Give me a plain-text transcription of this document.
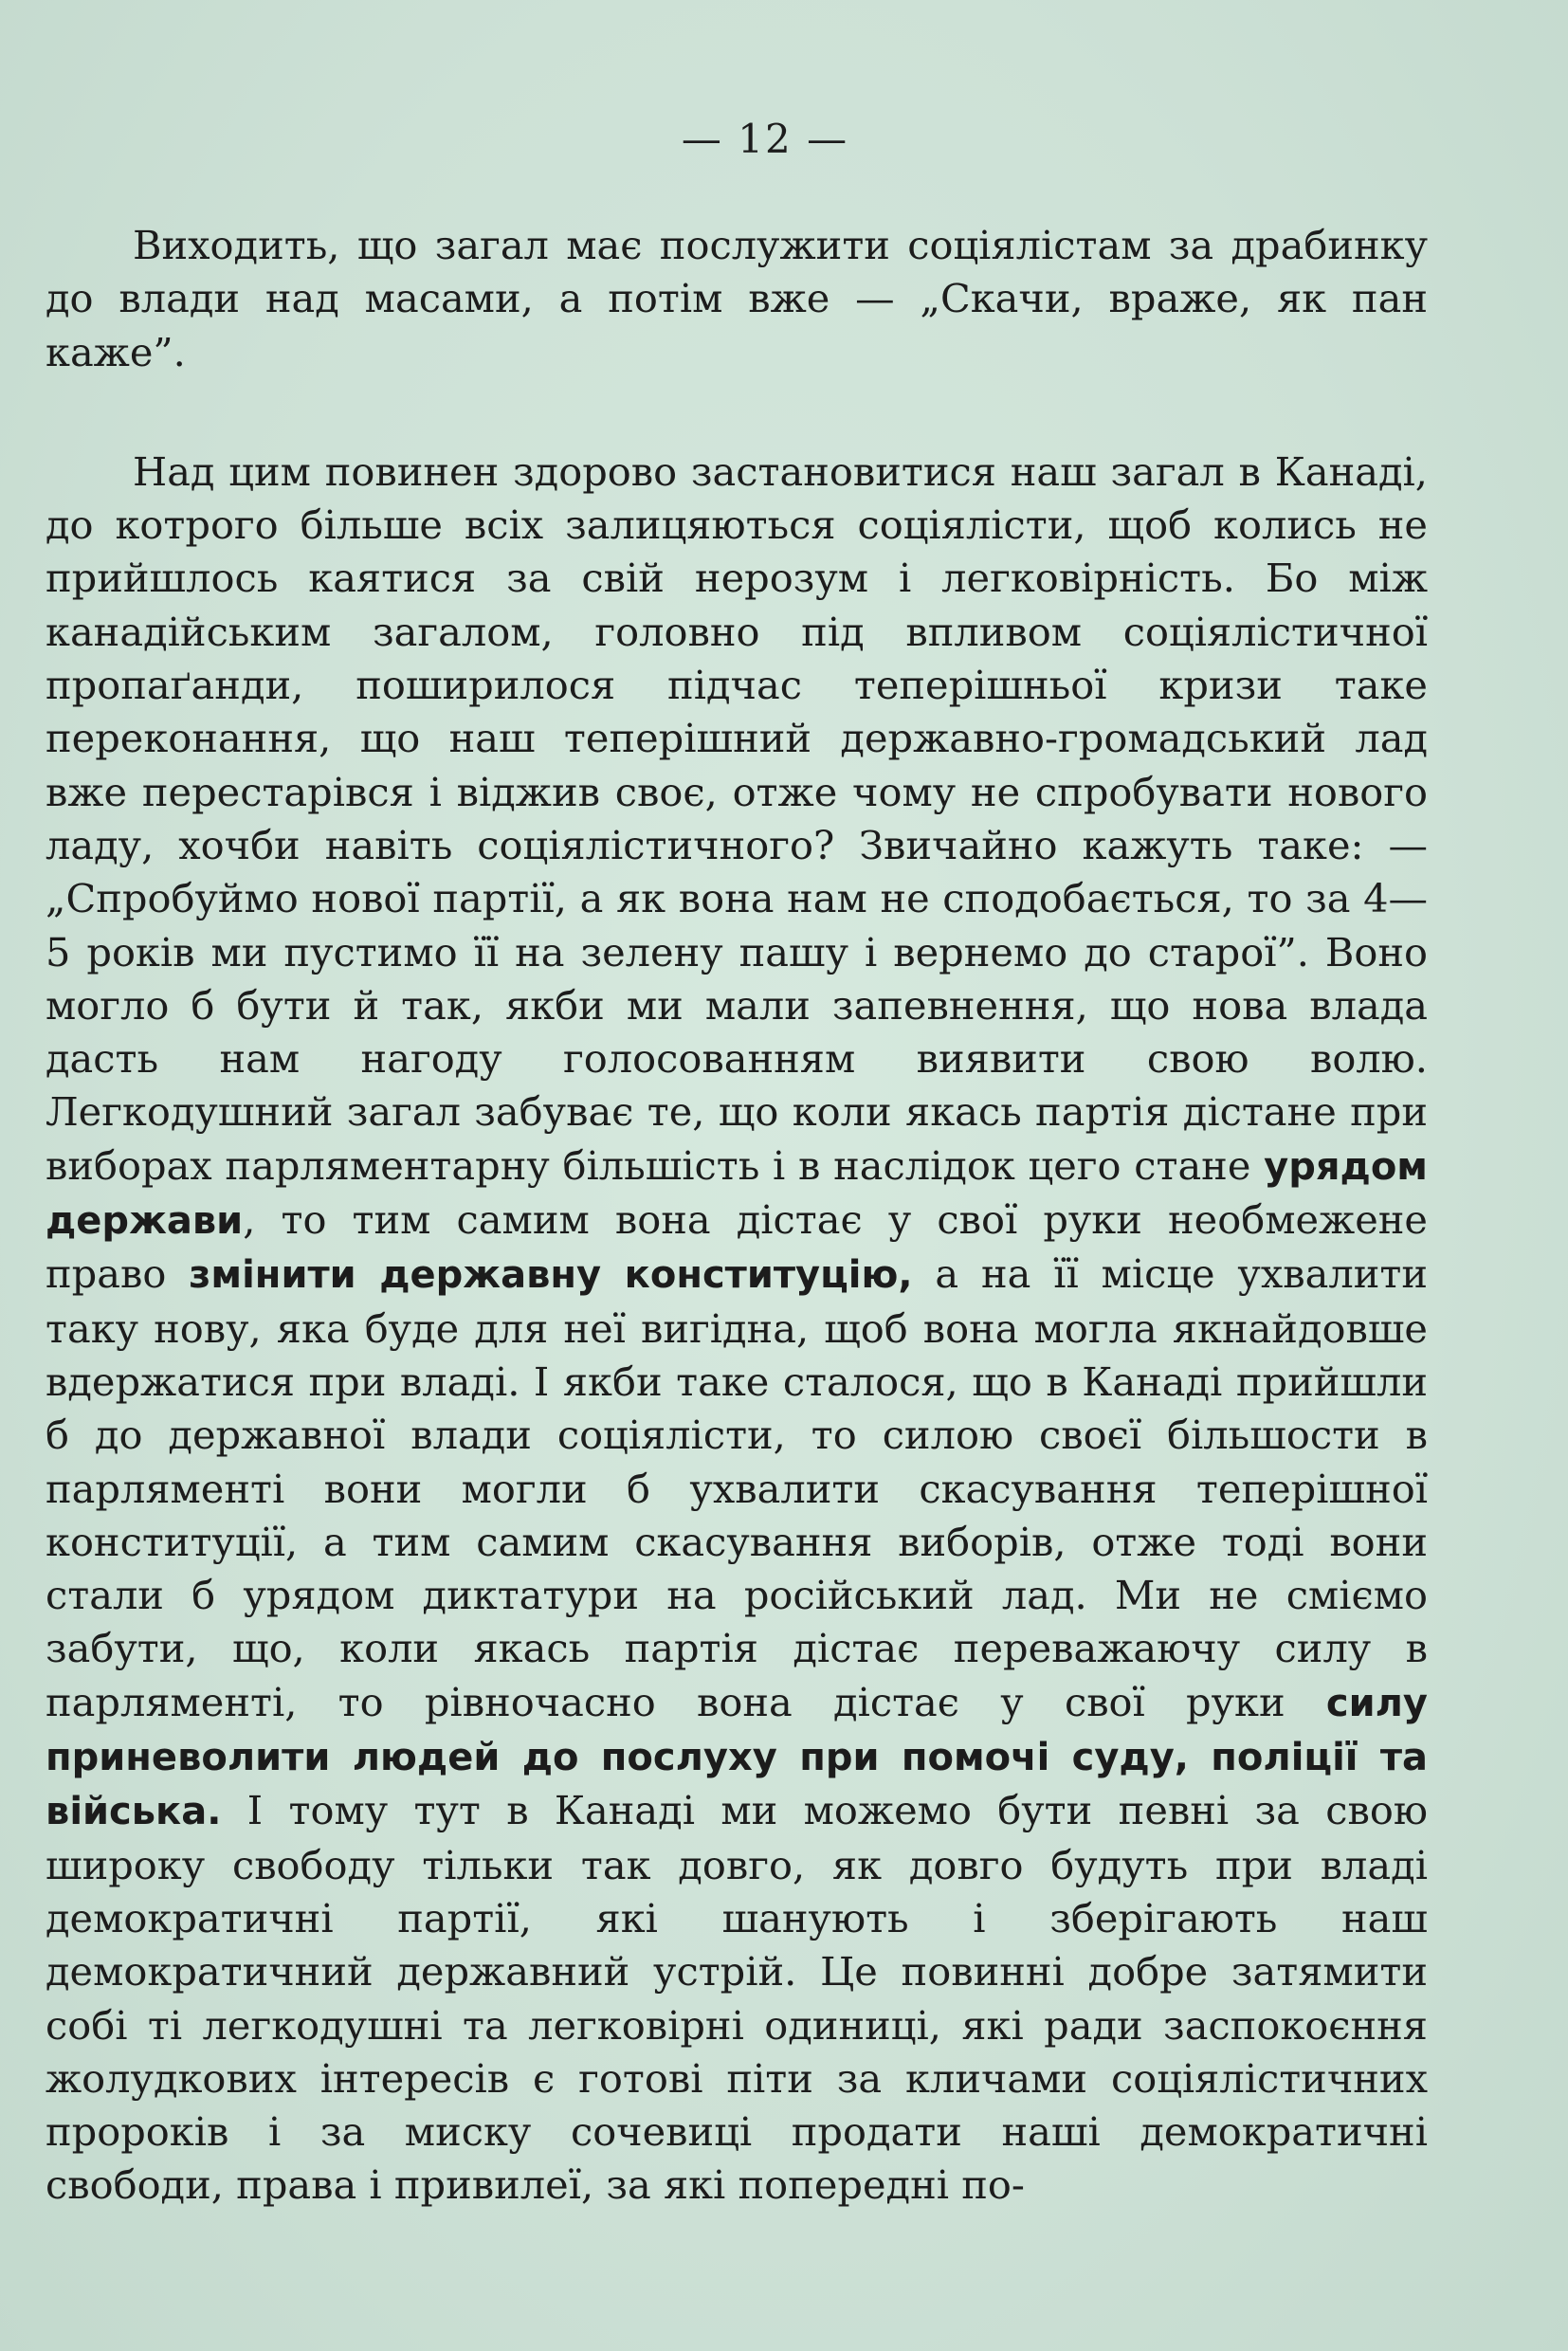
— 12 —

Виходить, що загал має послужити соціялістам за драбинку до влади над масами, а потім вже — „Скачи, враже, як пан каже”.

Над цим повинен здорово застановитися наш загал в Канаді, до котрого більше всіх залицяються соціялісти, щоб колись не прийшлось каятися за свій нерозум і легковірність. Бо між канадійським загалом, головно під впливом соціялістичної пропаґанди, поширилося підчас теперішньої кризи таке переконання, що наш теперішний державно-громадський лад вже перестарівся і віджив своє, отже чому не спробувати нового ладу, хочби навіть соціялістичного? Звичайно кажуть таке: — „Спробуймо нової партії, а як вона нам не сподобається, то за 4—5 років ми пустимо її на зелену пашу і вернемо до старої”. Воно могло б бути й так, якби ми мали запевнення, що нова влада дасть нам нагоду голосованням виявити свою волю. Легкодушний загал забуває те, що коли якась партія дістане при виборах парляментарну більшість і в наслідок цего стане урядом держави, то тим самим вона дістає у свої руки необмежене право змінити державну конституцію, а на її місце ухвалити таку нову, яка буде для неї вигідна, щоб вона могла якнайдовше вдержатися при владі. І якби таке сталося, що в Канаді прийшли б до державної влади соціялісти, то силою своєї більшости в парляменті вони могли б ухвалити скасування теперішної конституції, а тим самим скасування виборів, отже тоді вони стали б урядом диктатури на російський лад. Ми не сміємо забути, що, коли якась партія дістає переважаючу силу в парляменті, то рівночасно вона дістає у свої руки силу приневолити людей до послуху при помочі суду, поліції та війська. І тому тут в Канаді ми можемо бути певні за свою широку свободу тільки так довго, як довго будуть при владі демократичні партії, які шанують і зберігають наш демократичний державний устрій. Це повинні добре затямити собі ті легкодушні та легковірні одиниці, які ради заспокоєння жолудкових інтересів є готові піти за кличами соціялістичних пророків і за миску сочевиці продати наші демократичні свободи, права і привилеї, за які попередні по-
